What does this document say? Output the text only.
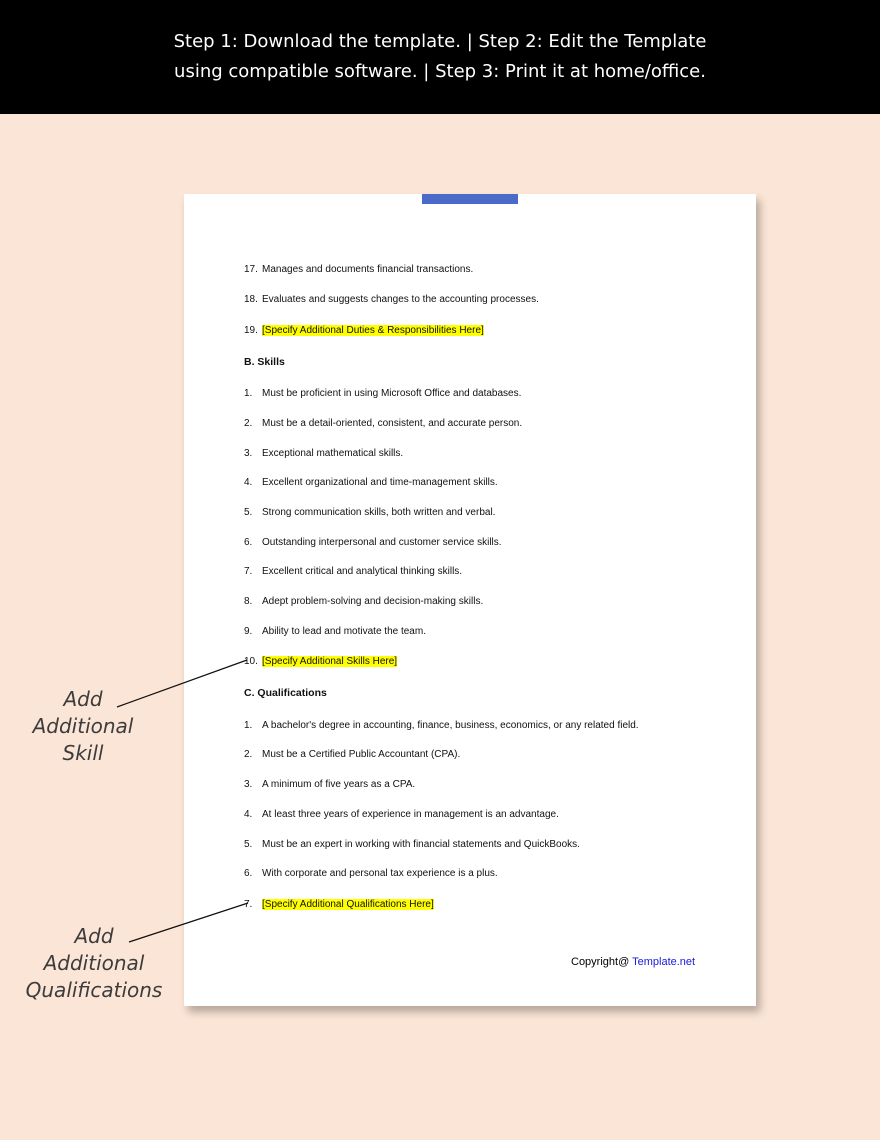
Step 1: Download the template. | Step 2: Edit the Template
using compatible software. | Step 3: Print it at home/office.
17. Manages and documents financial transactions.
18. Evaluates and suggests changes to the accounting processes.
19. [Specify Additional Duties & Responsibilities Here]
B. Skills
1. Must be proficient in using Microsoft Office and databases.
2. Must be a detail-oriented, consistent, and accurate person.
3. Exceptional mathematical skills.
4. Excellent organizational and time-management skills.
5. Strong communication skills, both written and verbal.
6. Outstanding interpersonal and customer service skills.
7. Excellent critical and analytical thinking skills.
8. Adept problem-solving and decision-making skills.
9. Ability to lead and motivate the team.
10. [Specify Additional Skills Here]
C. Qualifications
1. A bachelor's degree in accounting, finance, business, economics, or any related field.
2. Must be a Certified Public Accountant (CPA).
3. A minimum of five years as a CPA.
4. At least three years of experience in management is an advantage.
5. Must be an expert in working with financial statements and QuickBooks.
6. With corporate and personal tax experience is a plus.
7. [Specify Additional Qualifications Here]
Copyright@ Template.net
Add
Additional
Skill
Add
Additional
Qualifications
